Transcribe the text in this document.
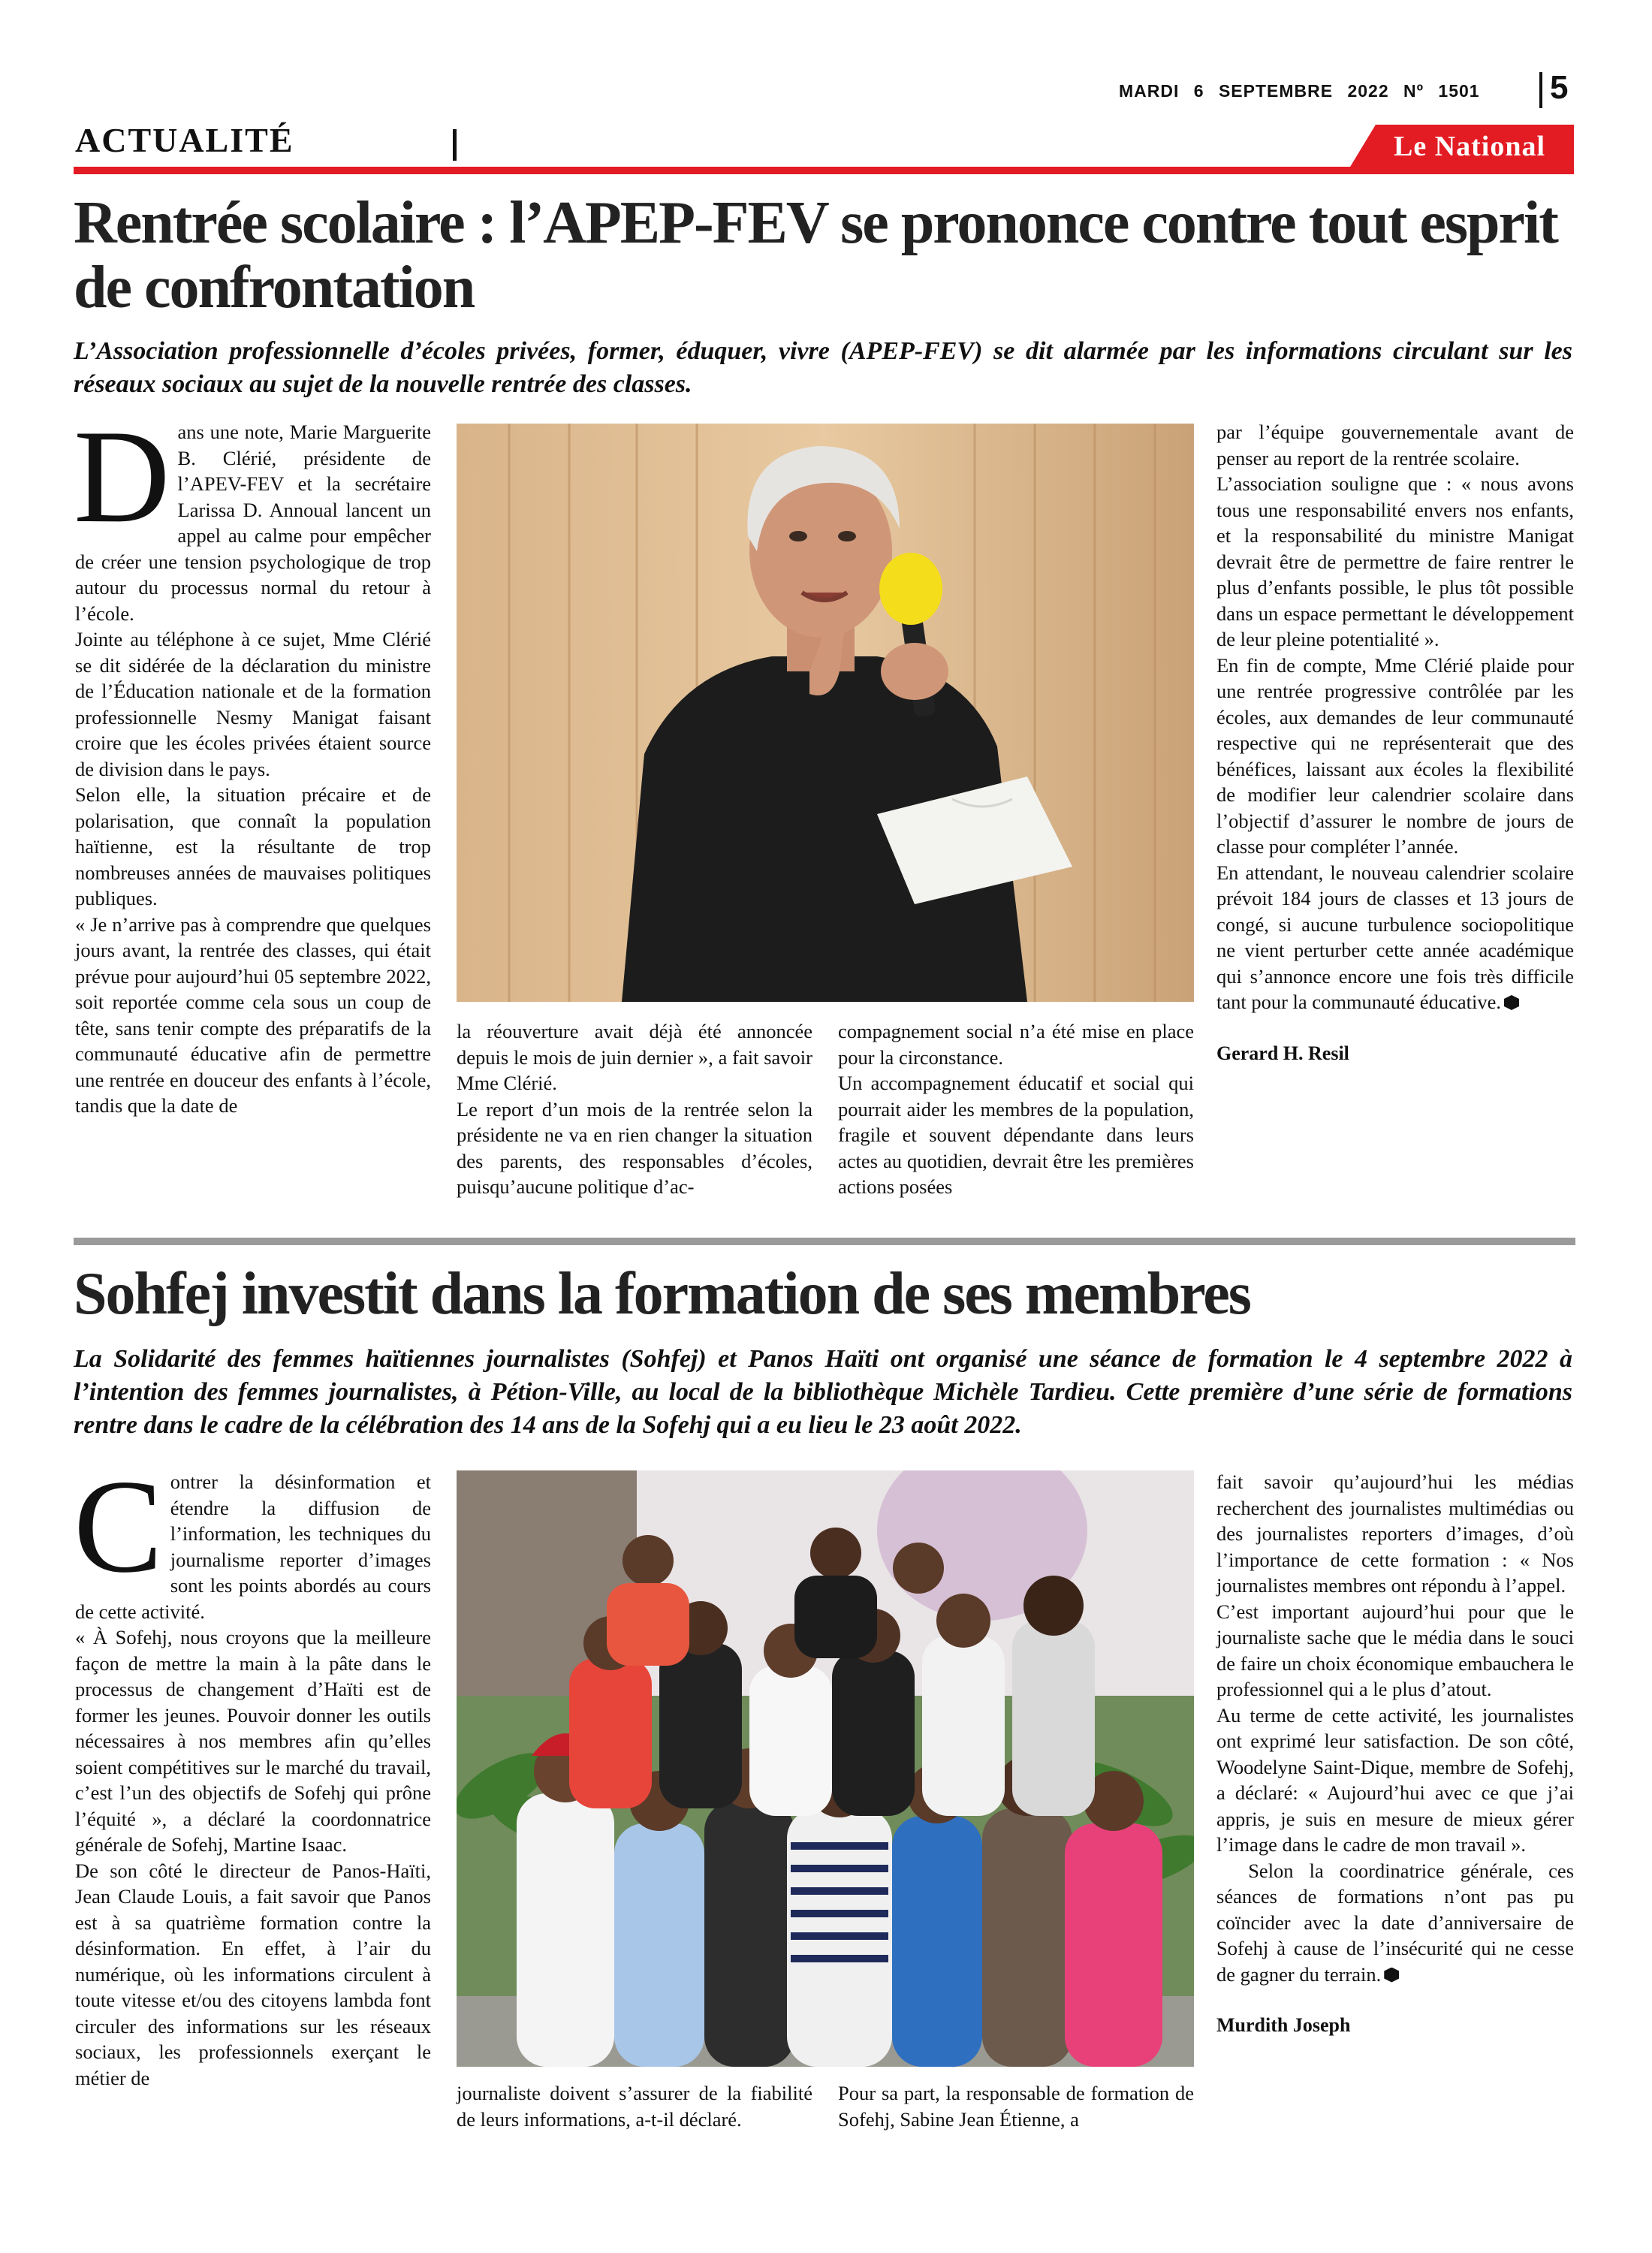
MARDI 6 SEPTEMBRE 2022 Nº 1501 5
ACTUALITÉ	Le National
Rentrée scolaire : l’APEP-FEV se prononce contre tout esprit de confrontation
L’Association professionnelle d’écoles privées, former, éduquer, vivre (APEP-FEV) se dit alarmée par les informations circulant sur les réseaux sociaux au sujet de la nouvelle rentrée des classes.
D ans une note, Marie Marguerite B. Clérié, présidente de l’APEV-FEV et la secrétaire Larissa D. Annoual lancent un appel au calme pour empêcher de créer une tension psychologique de trop autour du processus normal du retour à l’école.

Jointe au téléphone à ce sujet, Mme Clérié se dit sidérée de la déclaration du ministre de l’Éducation nationale et de la formation professionnelle Nesmy Manigat faisant croire que les écoles privées étaient source de division dans le pays.

Selon elle, la situation précaire et de polarisation, que connaît la population haïtienne, est la résultante de trop nombreuses années de mauvaises politiques publiques.

« Je n’arrive pas à comprendre que quelques jours avant, la rentrée des classes, qui était prévue pour aujourd’hui 05 septembre 2022, soit reportée comme cela sous un coup de tête, sans tenir compte des préparatifs de la communauté éducative afin de permettre une rentrée en douceur des enfants à l’école, tandis que la date de

la réouverture avait déjà été annoncée depuis le mois de juin dernier », a fait savoir Mme Clérié.

Le report d’un mois de la rentrée selon la présidente ne va en rien changer la situation des parents, des responsables d’écoles, puisqu’aucune politique d’ac-

compagnement social n’a été mise en place pour la circonstance.

Un accompagnement éducatif et social qui pourrait aider les membres de la population, fragile et souvent dépendante dans leurs actes au quotidien, devrait être les premières actions posées

par l’équipe gouvernementale avant de penser au report de la rentrée scolaire.

L’association souligne que : « nous avons tous une responsabilité envers nos enfants, et la responsabilité du ministre Manigat devrait être de permettre de faire rentrer le plus d’enfants possible, le plus tôt possible dans un espace permettant le développement de leur pleine potentialité ».

En fin de compte, Mme Clérié plaide pour une rentrée progressive contrôlée par les écoles, aux demandes de leur communauté respective qui ne représenterait que des bénéfices, laissant aux écoles la flexibilité de modifier leur calendrier scolaire dans l’objectif d’assurer le nombre de jours de classe pour compléter l’année.

En attendant, le nouveau calendrier scolaire prévoit 184 jours de classes et 13 jours de congé, si aucune turbulence sociopolitique ne vient perturber cette année académique qui s’annonce encore une fois très difficile tant pour la communauté éducative.

Gerard H. Resil

Sohfej investit dans la formation de ses membres
La Solidarité des femmes haïtiennes journalistes (Sohfej) et Panos Haïti ont organisé une séance de formation le 4 septembre 2022 à l’intention des femmes journalistes, à Pétion-Ville, au local de la bibliothèque Michèle Tardieu. Cette première d’une série de formations rentre dans le cadre de la célébration des 14 ans de la Sofehj qui a eu lieu le 23 août 2022.
C ontrer la désinformation et étendre la diffusion de l’information, les techniques du journalisme reporter d’images sont les points abordés au cours de cette activité.

« À Sofehj, nous croyons que la meilleure façon de mettre la main à la pâte dans le processus de changement d’Haïti est de former les jeunes. Pouvoir donner les outils nécessaires à nos membres afin qu’elles soient compétitives sur le marché du travail, c’est l’un des objectifs de Sofehj qui prône l’équité », a déclaré la coordonnatrice générale de Sofehj, Martine Isaac.

De son côté le directeur de Panos-Haïti, Jean Claude Louis, a fait savoir que Panos est à sa quatrième formation contre la désinformation. En effet, à l’air du numérique, où les informations circulent à toute vitesse et/ou des citoyens lambda font circuler des informations sur les réseaux sociaux, les professionnels exerçant le métier de

journaliste doivent s’assurer de la fiabilité de leurs informations, a-t-il déclaré.

Pour sa part, la responsable de formation de Sofehj, Sabine Jean Étienne, a

fait savoir qu’aujourd’hui les médias recherchent des journalistes multimédias ou des journalistes reporters d’images, d’où l’importance de cette formation : « Nos journalistes membres ont répondu à l’appel.

C’est important aujourd’hui pour que le journaliste sache que le média dans le souci de faire un choix économique embauchera le professionnel qui a le plus d’atout.

Au terme de cette activité, les journalistes ont exprimé leur satisfaction. De son côté, Woodelyne Saint-Dique, membre de Sofehj, a déclaré: « Aujourd’hui avec ce que j’ai appris, je suis en mesure de mieux gérer l’image dans le cadre de mon travail ».

Selon la coordinatrice générale, ces séances de formations n’ont pas pu coïncider avec la date d’anniversaire de Sofehj à cause de l’insécurité qui ne cesse de gagner du terrain.

Murdith Joseph
